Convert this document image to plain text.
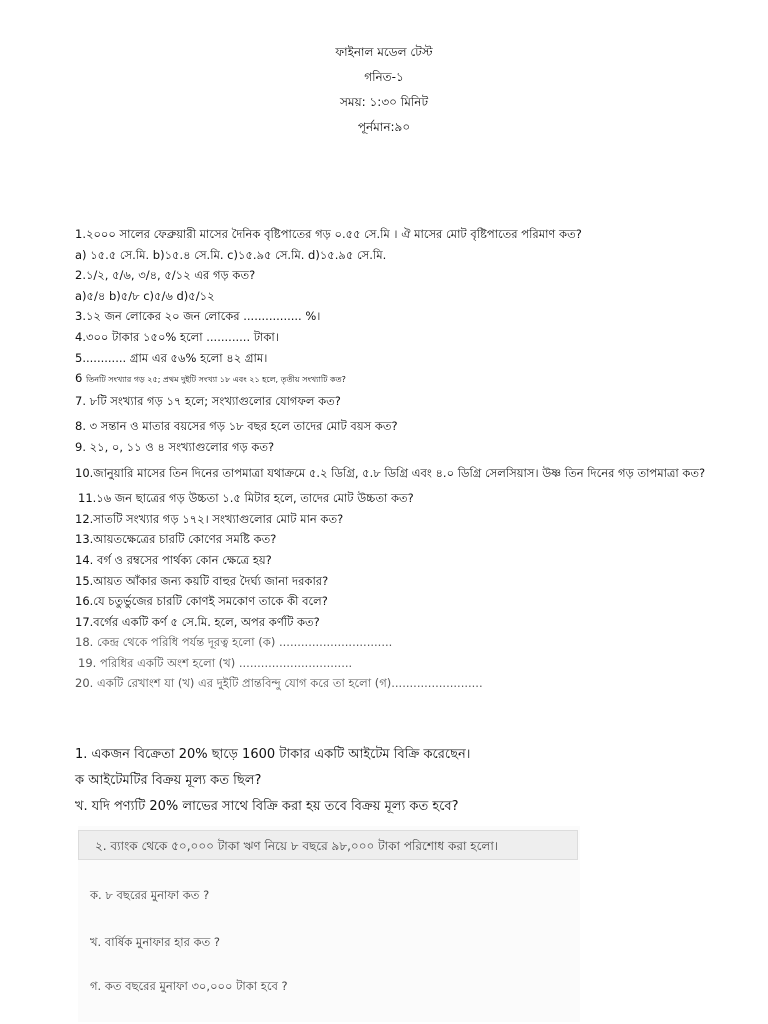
ফাইনাল মডেল টেস্ট
গনিত-১
সময়: ১:৩০ মিনিট
পূর্নমান:৯০
1.২০০০ সালের ফেব্রুয়ারী মাসের দৈনিক বৃষ্টিপাতের গড় ০.৫৫ সে.মি । ঐ মাসের মোট বৃষ্টিপাতের পরিমাণ কত?
a) ১৫.৫ সে.মি. b)১৫.৪ সে.মি. c)১৫.৯৫ সে.মি. d)১৫.৯৫ সে.মি.
2.১/২, ৫/৬, ৩/৪, ৫/১২ এর গড় কত?
a)৫/৪ b)৫/৮ c)৫/৬ d)৫/১২
3.১২ জন লোকের ২০ জন লোকের ................ %।
4.৩০০ টাকার ১৫০% হলো ............ টাকা।
5............ গ্রাম এর ৫৬% হলো ৪২ গ্রাম।
6 তিনটি সংখ্যার গড় ২৫; প্রথম দুইটি সংখ্যা ১৮ এবং ২১ হলে, তৃতীয় সংখ্যাটি কত?
7. ৮টি সংখ্যার গড় ১৭ হলে; সংখ্যাগুলোর যোগফল কত?
8. ৩ সন্তান ও মাতার বয়সের গড় ১৮ বছর হলে তাদের মোট বয়স কত?
9. ২১, ০, ১১ ও ৪ সংখ্যাগুলোর গড় কত?
10.জানুয়ারি মাসের তিন দিনের তাপমাত্রা যথাক্রমে ৫.২ ডিগ্রি, ৫.৮ ডিগ্রি এবং ৪.০ ডিগ্রি সেলসিয়াস। উষ্ণ তিন দিনের গড় তাপমাত্রা কত?
11.১৬ জন ছাত্রের গড় উচ্চতা ১.৫ মিটার হলে, তাদের মোট উচ্চতা কত?
12.সাতটি সংখ্যার গড় ১৭২। সংখ্যাগুলোর মোট মান কত?
13.আয়তক্ষেত্রের চারটি কোণের সমষ্টি কত?
14. বর্গ ও রম্বসের পার্থক্য কোন ক্ষেত্রে হয়?
15.আয়ত আঁকার জন্য কয়টি বাহুর দৈর্ঘ্য জানা দরকার?
16.যে চতুর্ভুজের চারটি কোণই সমকোণ তাকে কী বলে?
17.বর্গের একটি কর্ণ ৫ সে.মি. হলে, অপর কর্ণটি কত?
18. কেন্দ্র থেকে পরিধি পর্যন্ত দূরত্ব হলো (ক) ...............................
19. পরিধির একটি অংশ হলো (খ) ...............................
20. একটি রেখাংশ যা (খ) এর দুইটি প্রান্তবিন্দু যোগ করে তা হলো (গ).........................
1. একজন বিক্রেতা 20% ছাড়ে 1600 টাকার একটি আইটেম বিক্রি করেছেন।
ক আইটেমটির বিক্রয় মূল্য কত ছিল?
খ. যদি পণ্যটি 20% লাভের সাথে বিক্রি করা হয় তবে বিক্রয় মূল্য কত হবে?
২. ব্যাংক থেকে ৫০,০০০ টাকা ঋণ নিয়ে ৮ বছরে ৯৮,০০০ টাকা পরিশোধ করা হলো।
ক. ৮ বছরের মুনাফা কত ?
খ. বার্ষিক মুনাফার হার কত ?
গ. কত বছরের মুনাফা ৩০,০০০ টাকা হবে ?
